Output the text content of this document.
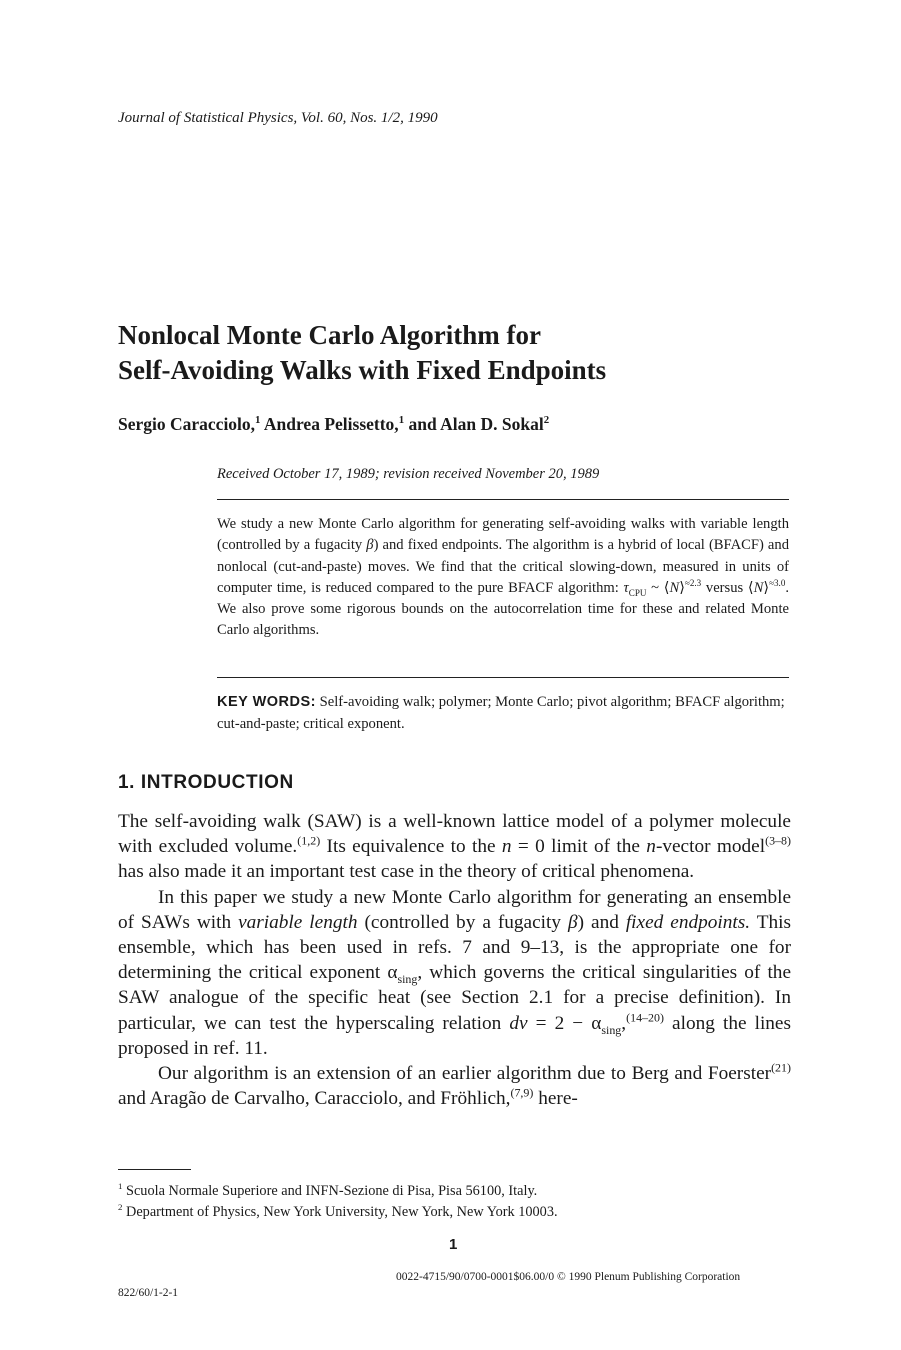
Journal of Statistical Physics, Vol. 60, Nos. 1/2, 1990
Nonlocal Monte Carlo Algorithm for
Self-Avoiding Walks with Fixed Endpoints
Sergio Caracciolo,$^1$ Andrea Pelissetto,$^1$ and Alan D. Sokal$^2$
Received October 17, 1989; revision received November 20, 1989
We study a new Monte Carlo algorithm for generating self-avoiding walks with variable length (controlled by a fugacity β) and fixed endpoints. The algorithm is a hybrid of local (BFACF) and nonlocal (cut-and-paste) moves. We find that the critical slowing-down, measured in units of computer time, is reduced compared to the pure BFACF algorithm: $\tau_{CPU}$ ~ ⟨N⟩$^{\approx 2.3}$ versus ⟨N⟩$^{\approx 3.0}$. We also prove some rigorous bounds on the autocorrelation time for these and related Monte Carlo algorithms.
KEY WORDS: Self-avoiding walk; polymer; Monte Carlo; pivot algorithm; BFACF algorithm; cut-and-paste; critical exponent.
1. INTRODUCTION

The self-avoiding walk (SAW) is a well-known lattice model of a polymer molecule with excluded volume.$^{(1,2)}$ Its equivalence to the n = 0 limit of the n-vector model$^{(3-8)}$ has also made it an important test case in the theory of critical phenomena.

In this paper we study a new Monte Carlo algorithm for generating an ensemble of SAWs with variable length (controlled by a fugacity β) and fixed endpoints. This ensemble, which has been used in refs. 7 and 9–13, is the appropriate one for determining the critical exponent $\alpha_{sing}$, which governs the critical singularities of the SAW analogue of the specific heat (see Section 2.1 for a precise definition). In particular, we can test the hyperscaling relation $d\nu = 2 - \alpha_{sing},^{(14-20)}$ along the lines proposed in ref. 11.

Our algorithm is an extension of an earlier algorithm due to Berg and Foerster$^{(21)}$ and Aragão de Carvalho, Caracciolo, and Fröhlich,$^{(7,9)}$ here-

$^1$ Scuola Normale Superiore and INFN-Sezione di Pisa, Pisa 56100, Italy.
$^2$ Department of Physics, New York University, New York, New York 10003.
1
0022-4715/90/0700-0001$06.00/0 © 1990 Plenum Publishing Corporation
822/60/1-2-1
